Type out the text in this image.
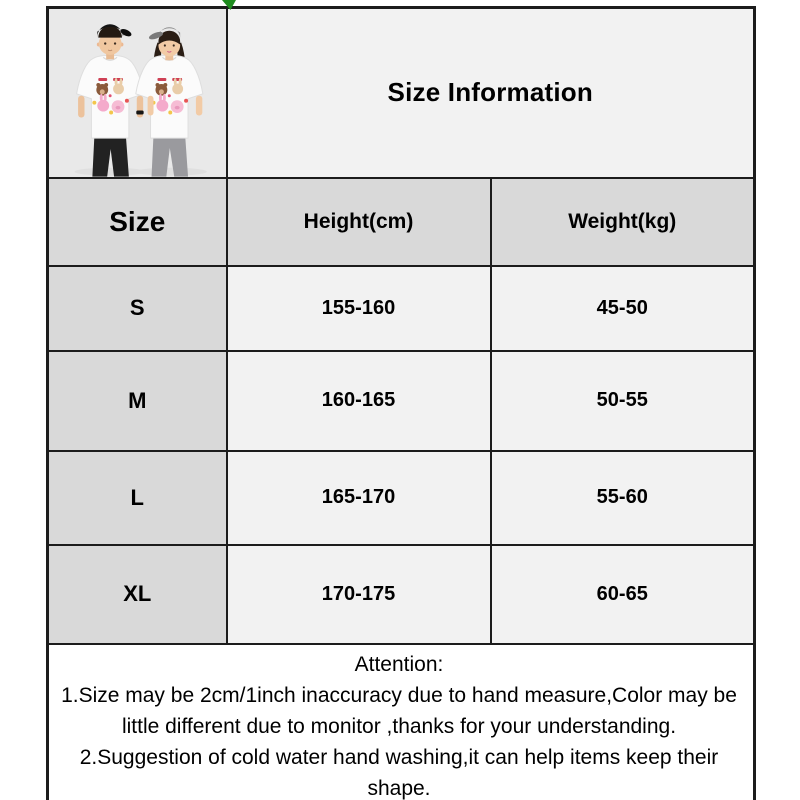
	Size Information	
Size	Height(cm)	Weight(kg)
S	155-160	45-50
M	160-165	50-55
L	165-170	55-60
XL	170-175	60-65

Attention:
1.Size may be 2cm/1inch inaccuracy due to hand measure,Color may be little different due to monitor ,thanks for your understanding.
2.Suggestion of cold water hand washing,it can help items keep their shape.		
